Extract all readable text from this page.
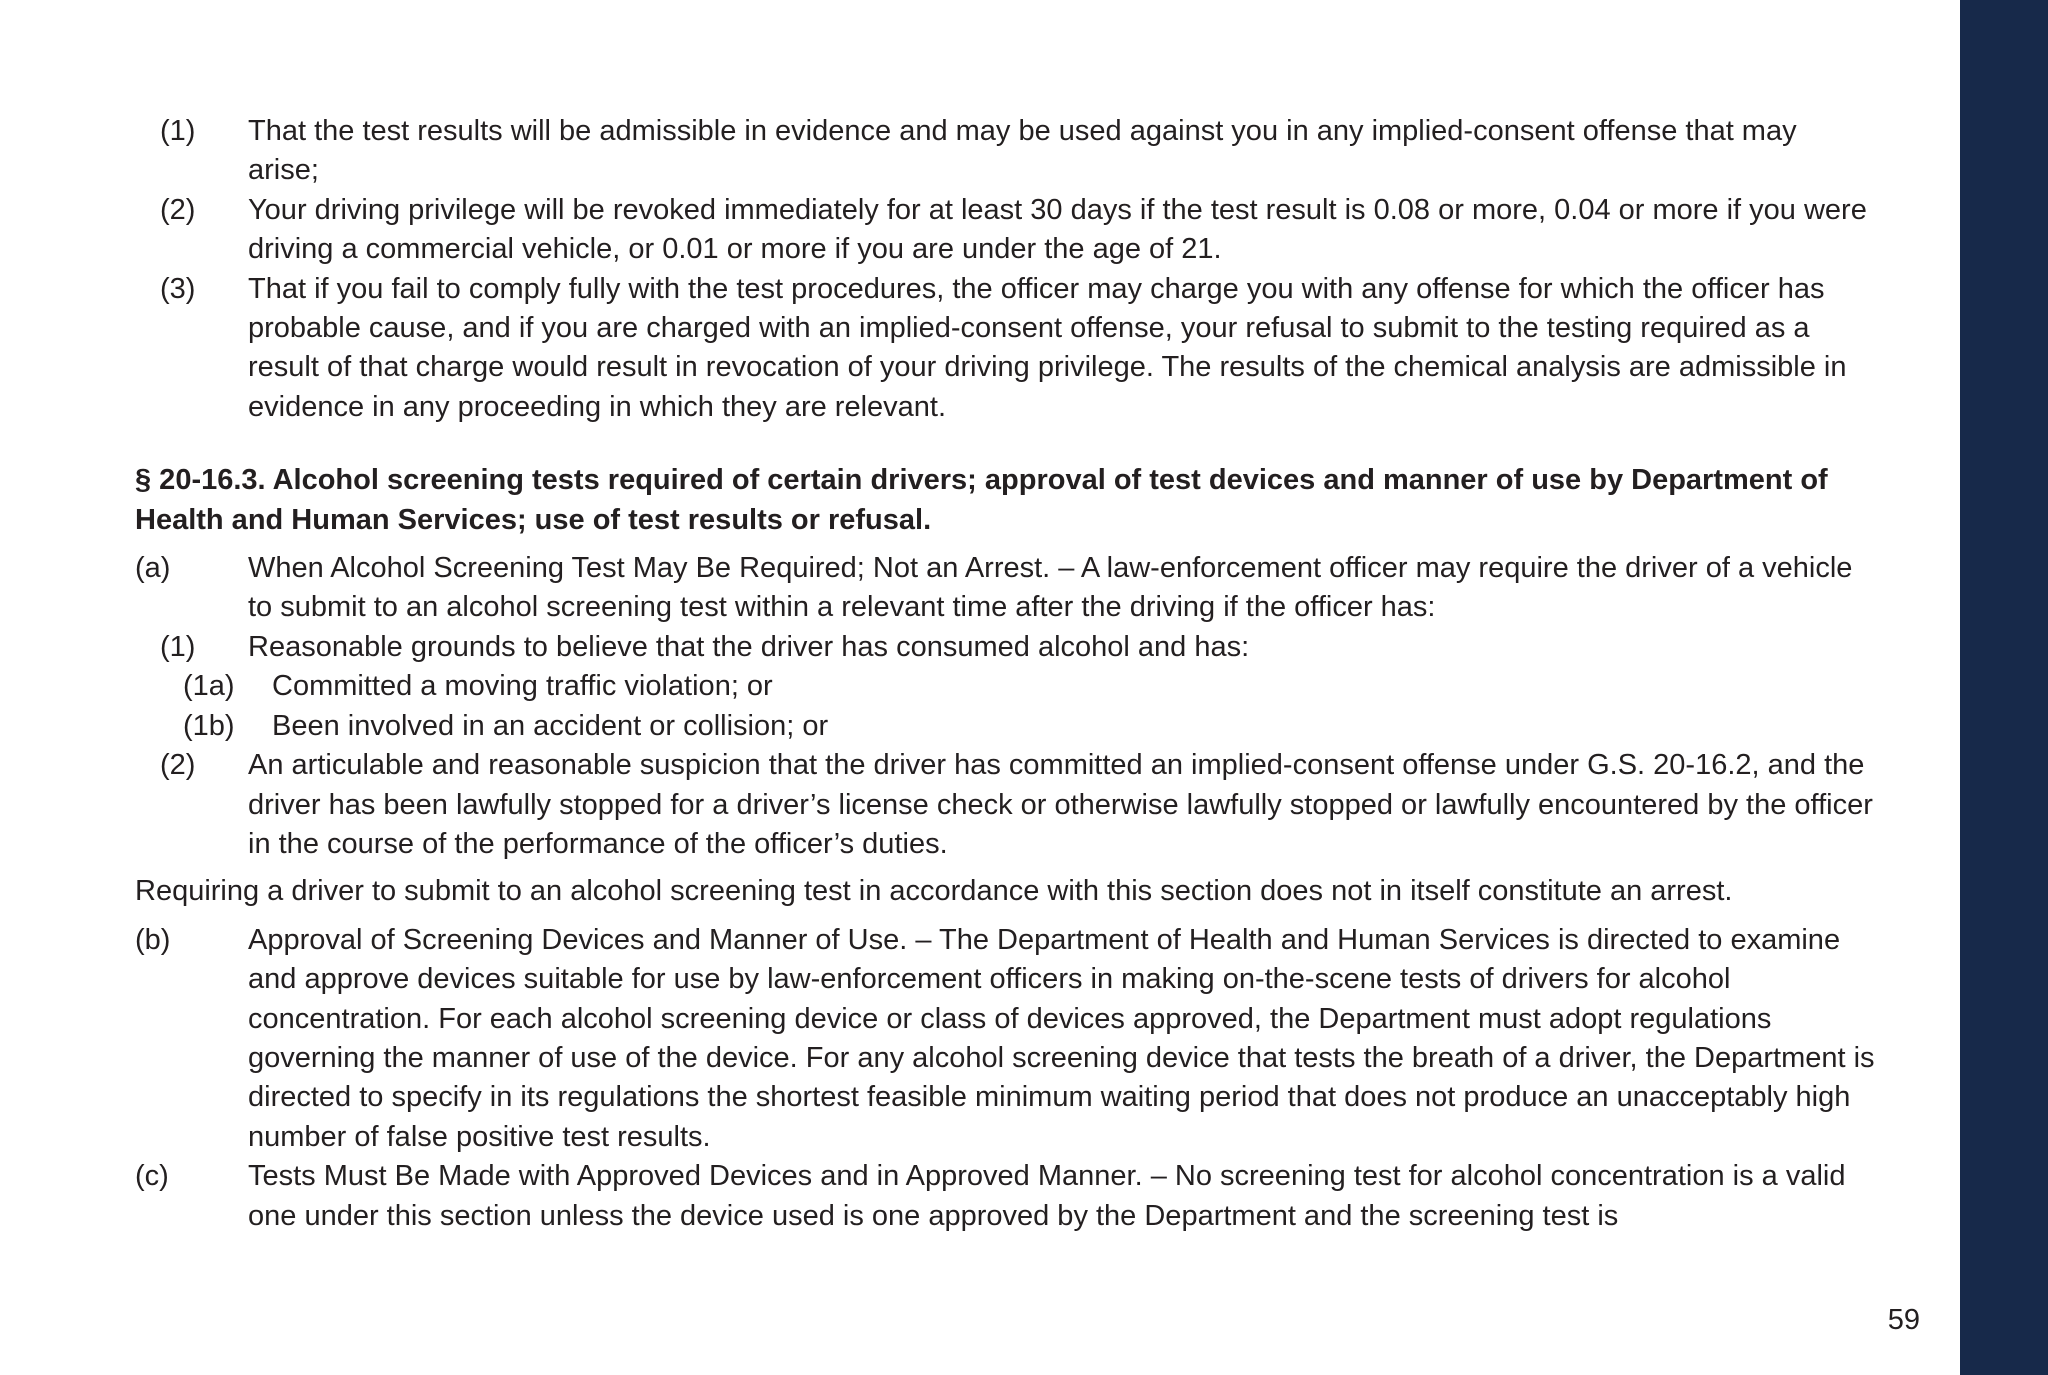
(1) That the test results will be admissible in evidence and may be used against you in any implied-consent offense that may arise;
(2) Your driving privilege will be revoked immediately for at least 30 days if the test result is 0.08 or more, 0.04 or more if you were driving a commercial vehicle, or 0.01 or more if you are under the age of 21.
(3) That if you fail to comply fully with the test procedures, the officer may charge you with any offense for which the officer has probable cause, and if you are charged with an implied-consent offense, your refusal to submit to the testing required as a result of that charge would result in revocation of your driving privilege. The results of the chemical analysis are admissible in evidence in any proceeding in which they are relevant.
§ 20-16.3. Alcohol screening tests required of certain drivers; approval of test devices and manner of use by Department of Health and Human Services; use of test results or refusal.
(a)	When Alcohol Screening Test May Be Required; Not an Arrest. – A law-enforcement officer may require the driver of a vehicle to submit to an alcohol screening test within a relevant time after the driving if the officer has:
(1) Reasonable grounds to believe that the driver has consumed alcohol and has:
(1a) Committed a moving traffic violation; or
(1b) Been involved in an accident or collision; or
(2) An articulable and reasonable suspicion that the driver has committed an implied-consent offense under G.S. 20-16.2, and the driver has been lawfully stopped for a driver’s license check or otherwise lawfully stopped or lawfully encountered by the officer in the course of the performance of the officer’s duties.
Requiring a driver to submit to an alcohol screening test in accordance with this section does not in itself constitute an arrest.
(b)	Approval of Screening Devices and Manner of Use. – The Department of Health and Human Services is directed to examine and approve devices suitable for use by law-enforcement officers in making on-the-scene tests of drivers for alcohol concentration. For each alcohol screening device or class of devices approved, the Department must adopt regulations governing the manner of use of the device. For any alcohol screening device that tests the breath of a driver, the Department is directed to specify in its regulations the shortest feasible minimum waiting period that does not produce an unacceptably high number of false positive test results.
(c)	Tests Must Be Made with Approved Devices and in Approved Manner. – No screening test for alcohol concentration is a valid one under this section unless the device used is one approved by the Department and the screening test is
59
